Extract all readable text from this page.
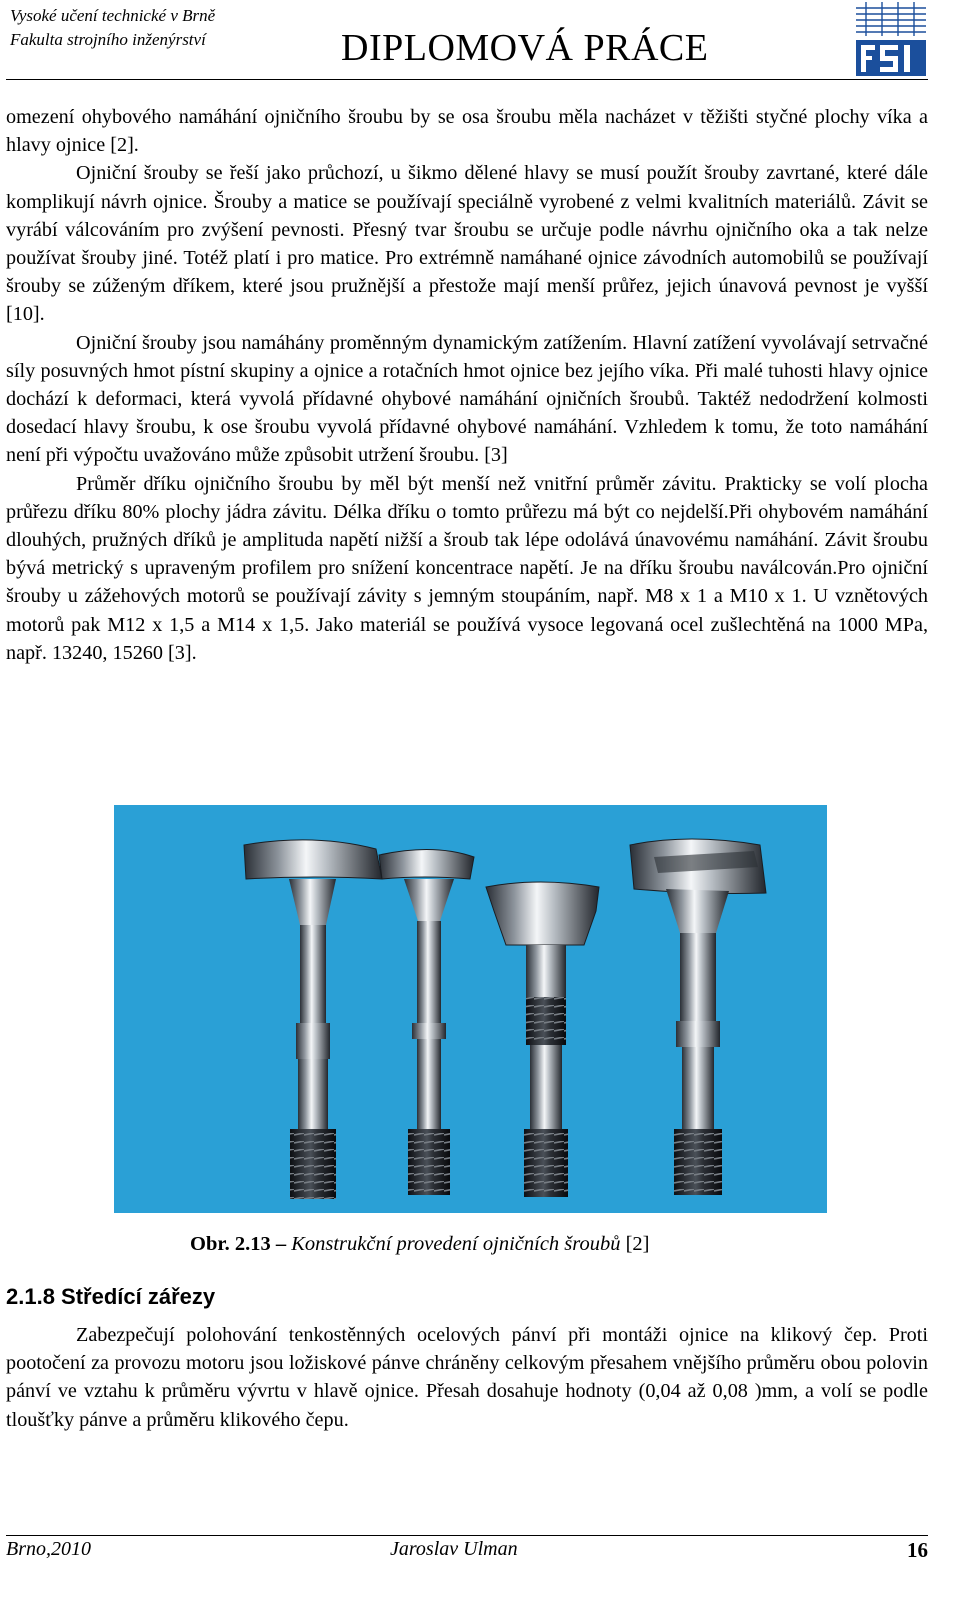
Vysoké učení technické v Brně
Fakulta strojního inženýrství	DIPLOMOVÁ PRÁCE

omezení ohybového namáhání ojničního šroubu by se osa šroubu měla nacházet v těžišti styčné plochy víka a hlavy ojnice [2].

Ojniční šrouby se řeší jako průchozí, u šikmo dělené hlavy se musí použít šrouby zavrtané, které dále komplikují návrh ojnice. Šrouby a matice se používají speciálně vyrobené z velmi kvalitních materiálů. Závit se vyrábí válcováním pro zvýšení pevnosti. Přesný tvar šroubu se určuje podle návrhu ojničního oka a tak nelze používat šrouby jiné. Totéž platí i pro matice. Pro extrémně namáhané ojnice závodních automobilů se používají šrouby se zúženým dříkem, které jsou pružnější a přestože mají menší průřez, jejich únavová pevnost je vyšší [10].

Ojniční šrouby jsou namáhány proměnným dynamickým zatížením. Hlavní zatížení vyvolávají setrvačné síly posuvných hmot pístní skupiny a ojnice a rotačních hmot ojnice bez jejího víka. Při malé tuhosti hlavy ojnice dochází k deformaci, která vyvolá přídavné ohybové namáhání ojničních šroubů. Taktéž nedodržení kolmosti dosedací hlavy šroubu, k ose šroubu vyvolá přídavné ohybové namáhání. Vzhledem k tomu, že toto namáhání není při výpočtu uvažováno může způsobit utržení šroubu. [3]

Průměr dříku ojničního šroubu by měl být menší než vnitřní průměr závitu. Prakticky se volí plocha průřezu dříku 80% plochy jádra závitu. Délka dříku o tomto průřezu má být co nejdelší.Při ohybovém namáhání dlouhých, pružných dříků je amplituda napětí nižší a šroub tak lépe odolává únavovému namáhání. Závit šroubu bývá metrický s upraveným profilem pro snížení koncentrace napětí. Je na dříku šroubu naválcován.Pro ojniční šrouby u zážehových motorů se používají závity s jemným stoupáním, např. M8 x 1 a M10 x 1. U vznětových motorů pak M12 x 1,5 a M14 x 1,5. Jako materiál se používá vysoce legovaná ocel zušlechtěná na 1000 MPa, např. 13240, 15260 [3].

Obr. 2.13 – Konstrukční provedení ojničních šroubů [2]
2.1.8 Středící zářezy

Zabezpečují polohování tenkostěnných ocelových pánví při montáži ojnice na klikový čep. Proti pootočení za provozu motoru jsou ložiskové pánve chráněny celkovým přesahem vnějšího průměru obou polovin pánví ve vztahu k průměru vývrtu v hlavě ojnice. Přesah dosahuje hodnoty (0,04 až 0,08 )mm, a volí se podle tloušťky pánve a průměru klikového čepu.

Brno,2010	Jaroslav Ulman	16
